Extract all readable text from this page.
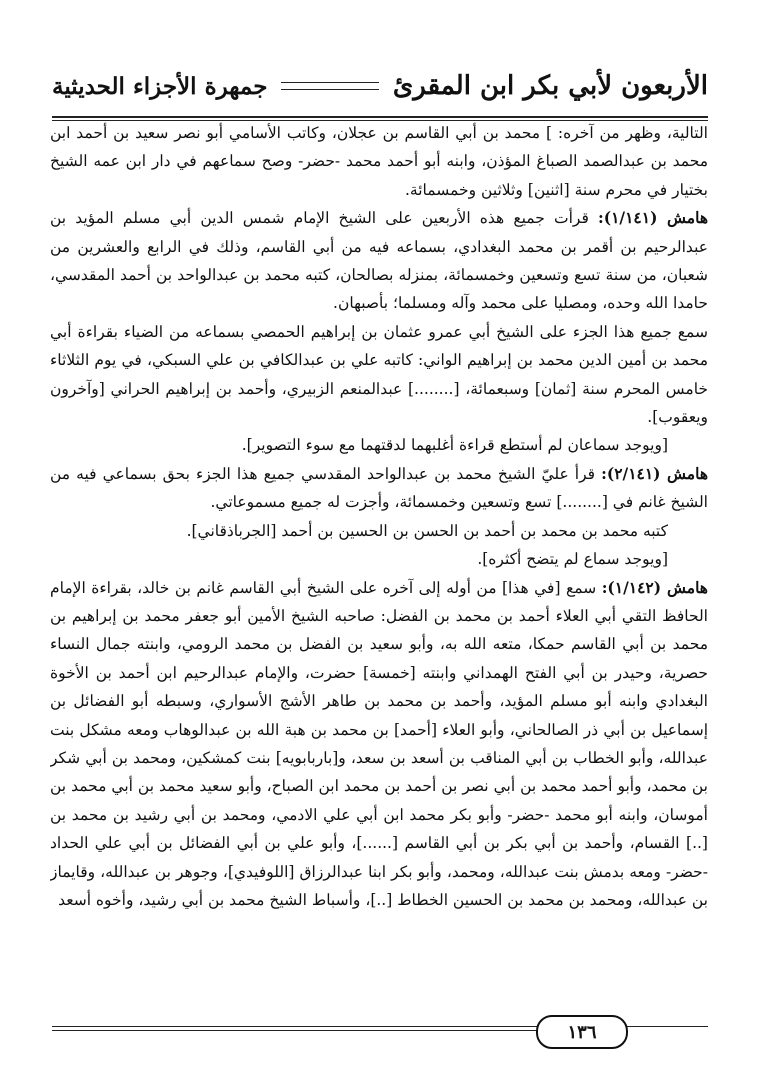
الأربعون لأبي بكر ابن المقرئ
جمهرة الأجزاء الحديثية

التالية، وظهر من آخره: ] محمد بن أبي القاسم بن عجلان، وكاتب الأسامي أبو نصر سعيد بن أحمد ابن محمد بن عبدالصمد الصباغ المؤذن، وابنه أبو أحمد محمد -حضر- وصح سماعهم في دار ابن عمه الشيخ بختيار في محرم سنة [اثنين] وثلاثين وخمسمائة.

هامش (١/١٤١): قرأت جميع هذه الأربعين على الشيخ الإمام شمس الدين أبي مسلم المؤيد بن عبدالرحيم بن أقمر بن محمد البغدادي، بسماعه فيه من أبي القاسم، وذلك في الرابع والعشرين من شعبان، من سنة تسع وتسعين وخمسمائة، بمنزله بصالحان، كتبه محمد بن عبدالواحد بن أحمد المقدسي، حامدا الله وحده، ومصليا على محمد وآله ومسلما؛ بأصبهان.

سمع جميع هذا الجزء على الشيخ أبي عمرو عثمان بن إبراهيم الحمصي بسماعه من الضياء بقراءة أبي محمد بن أمين الدين محمد بن إبراهيم الواني: كاتبه علي بن عبدالكافي بن علي السبكي، في يوم الثلاثاء خامس المحرم سنة [ثمان] وسبعمائة، [........] عبدالمنعم الزبيري، وأحمد بن إبراهيم الحراني [وآخرون ويعقوب].

[ويوجد سماعان لم أستطع قراءة أغلبهما لدقتهما مع سوء التصوير].

هامش (٢/١٤١): قرأ عليّ الشيخ محمد بن عبدالواحد المقدسي جميع هذا الجزء بحق بسماعي فيه من الشيخ غانم في [........] تسع وتسعين وخمسمائة، وأجزت له جميع مسموعاتي.

كتبه محمد بن محمد بن أحمد بن الحسن بن الحسين بن أحمد [الجرباذقاني].

[ويوجد سماع لم يتضح أكثره].

هامش (١/١٤٢): سمع [في هذا] من أوله إلى آخره على الشيخ أبي القاسم غانم بن خالد، بقراءة الإمام الحافظ التقي أبي العلاء أحمد بن محمد بن الفضل: صاحبه الشيخ الأمين أبو جعفر محمد بن إبراهيم بن محمد بن أبي القاسم حمكا، متعه الله به، وأبو سعيد بن الفضل بن محمد الرومي، وابنته جمال النساء حصرية، وحيدر بن أبي الفتح الهمداني وابنته [خمسة] حضرت، والإمام عبدالرحيم ابن أحمد بن الأخوة البغدادي وابنه أبو مسلم المؤيد، وأحمد بن محمد بن طاهر الأشج الأسواري، وسبطه أبو الفضائل بن إسماعيل بن أبي ذر الصالحاني، وأبو العلاء [أحمد] بن محمد بن هبة الله بن عبدالوهاب ومعه مشكل بنت عبدالله، وأبو الخطاب بن أبي المناقب بن أسعد بن سعد، و[باربابويه] بنت كمشكين، ومحمد بن أبي شكر بن محمد، وأبو أحمد محمد بن أبي نصر بن أحمد بن محمد ابن الصباح، وأبو سعيد محمد بن أبي محمد بن أموسان، وابنه أبو محمد -حضر- وأبو بكر محمد ابن أبي علي الادمي، ومحمد بن أبي رشيد بن محمد بن [..] القسام، وأحمد بن أبي بكر بن أبي القاسم [......]، وأبو علي بن أبي الفضائل بن أبي علي الحداد -حضر- ومعه بدمش بنت عبدالله، ومحمد، وأبو بكر ابنا عبدالرزاق [اللوفيدي]، وجوهر بن عبدالله، وقايماز بن عبدالله، ومحمد بن محمد بن الحسين الخطاط [..]، وأسباط الشيخ محمد بن أبي رشيد، وأخوه أسعد

١٣٦
